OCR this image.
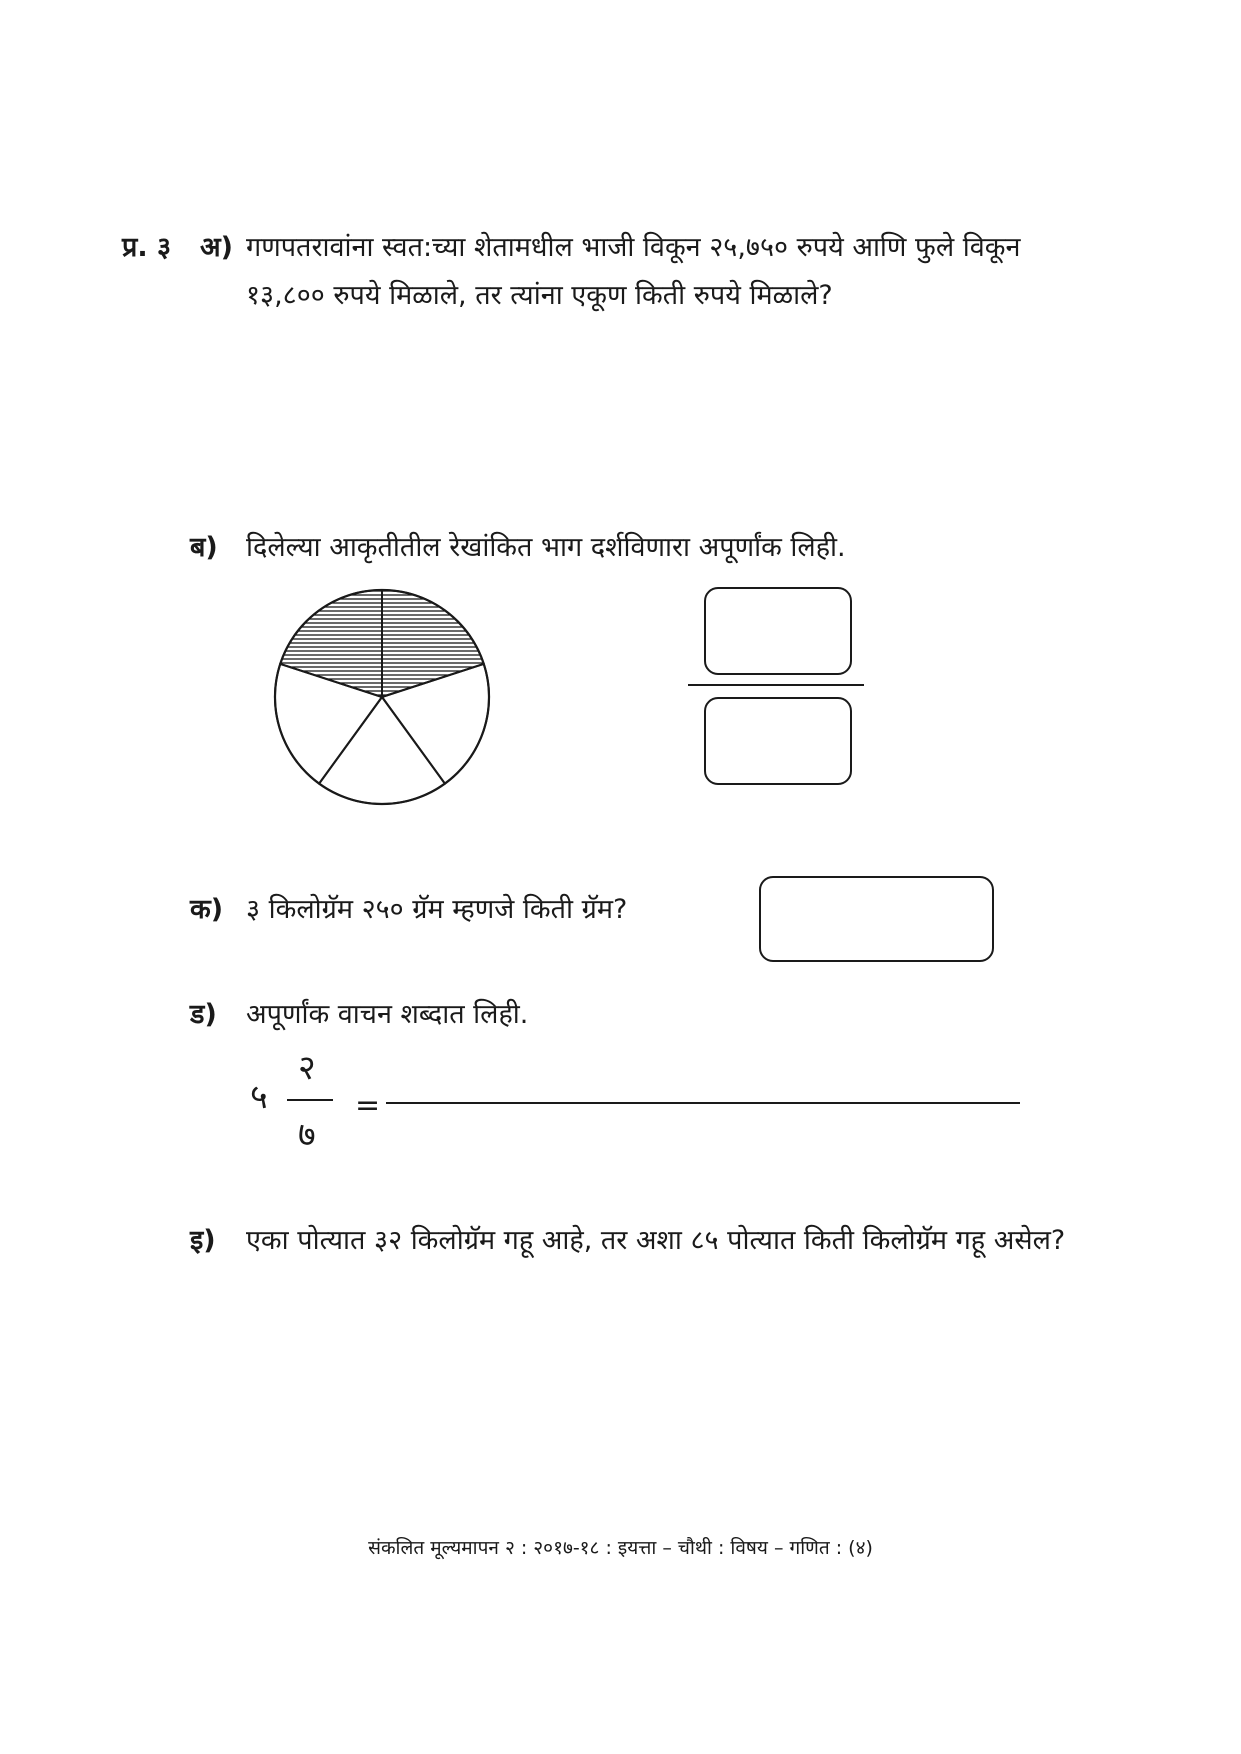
प्र. ३ अ) गणपतरावांना स्वत:च्या शेतामधील भाजी विकून २५,७५० रुपये आणि फुले विकून
१३,८०० रुपये मिळाले, तर त्यांना एकूण किती रुपये मिळाले?
ब) दिलेल्या आकृतीतील रेखांकित भाग दर्शविणारा अपूर्णांक लिही.
क) ३ किलोग्रॅम २५० ग्रॅम म्हणजे किती ग्रॅम?
ड) अपूर्णांक वाचन शब्दात लिही.
५
२
७
=
इ) एका पोत्यात ३२ किलोग्रॅम गहू आहे, तर अशा ८५ पोत्यात किती किलोग्रॅम गहू असेल?
संकलित मूल्यमापन २ : २०१७-१८ : इयत्ता – चौथी : विषय – गणित : (४)
